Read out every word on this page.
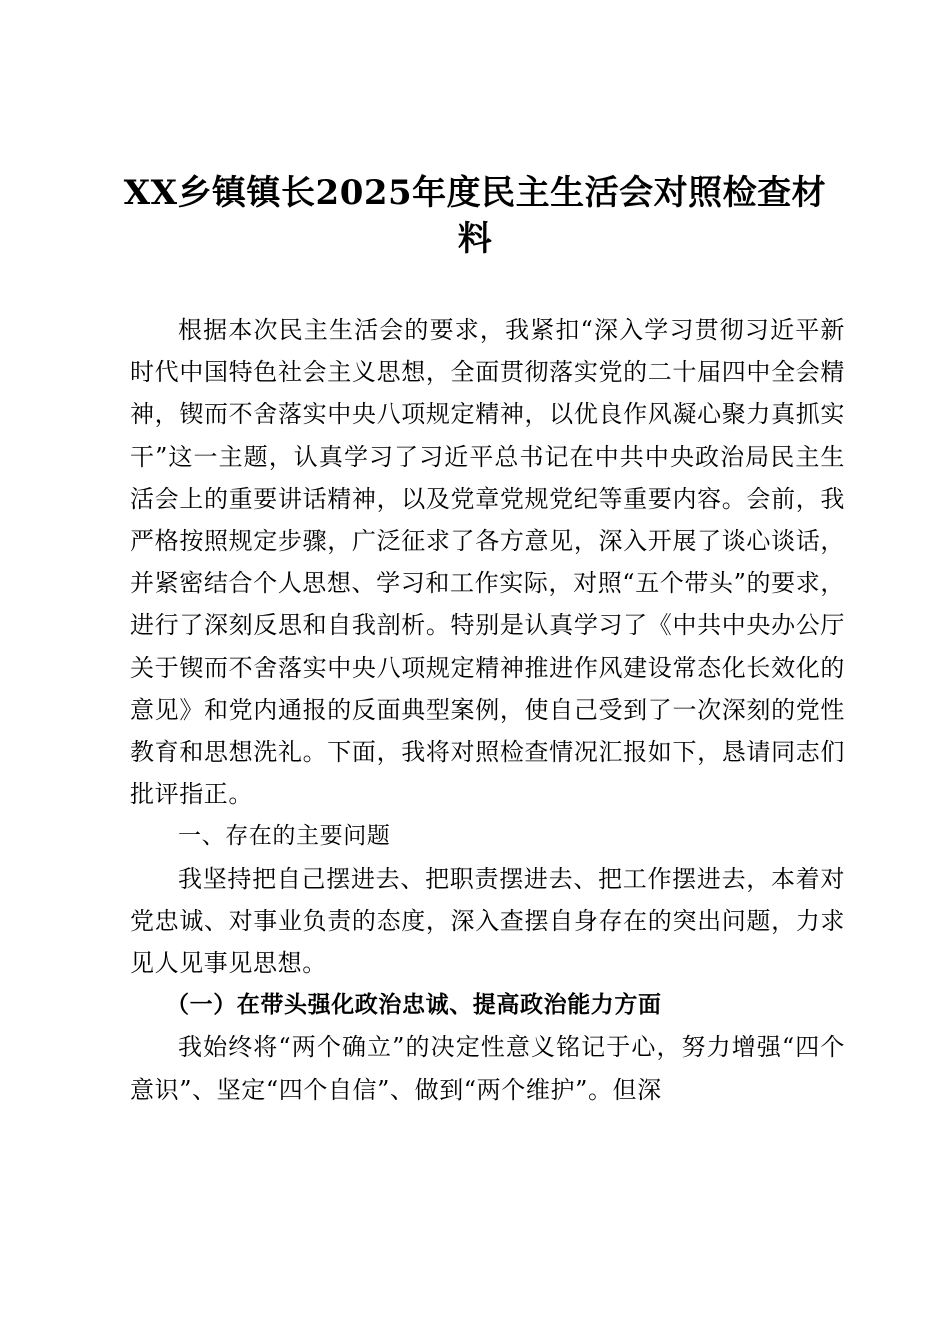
XX乡镇镇长2025年度民主生活会对照检查材料

根据本次民主生活会的要求，我紧扣“深入学习贯彻习近平新时代中国特色社会主义思想，全面贯彻落实党的二十届四中全会精神，锲而不舍落实中央八项规定精神，以优良作风凝心聚力真抓实干”这一主题，认真学习了习近平总书记在中共中央政治局民主生活会上的重要讲话精神，以及党章党规党纪等重要内容。会前，我严格按照规定步骤，广泛征求了各方意见，深入开展了谈心谈话，并紧密结合个人思想、学习和工作实际，对照“五个带头”的要求，进行了深刻反思和自我剖析。特别是认真学习了《中共中央办公厅关于锲而不舍落实中央八项规定精神推进作风建设常态化长效化的意见》和党内通报的反面典型案例，使自己受到了一次深刻的党性教育和思想洗礼。下面，我将对照检查情况汇报如下，恳请同志们批评指正。

一、存在的主要问题

我坚持把自己摆进去、把职责摆进去、把工作摆进去，本着对党忠诚、对事业负责的态度，深入查摆自身存在的突出问题，力求见人见事见思想。

（一）在带头强化政治忠诚、提高政治能力方面

我始终将“两个确立”的决定性意义铭记于心，努力增强“四个意识”、坚定“四个自信”、做到“两个维护”。但深
